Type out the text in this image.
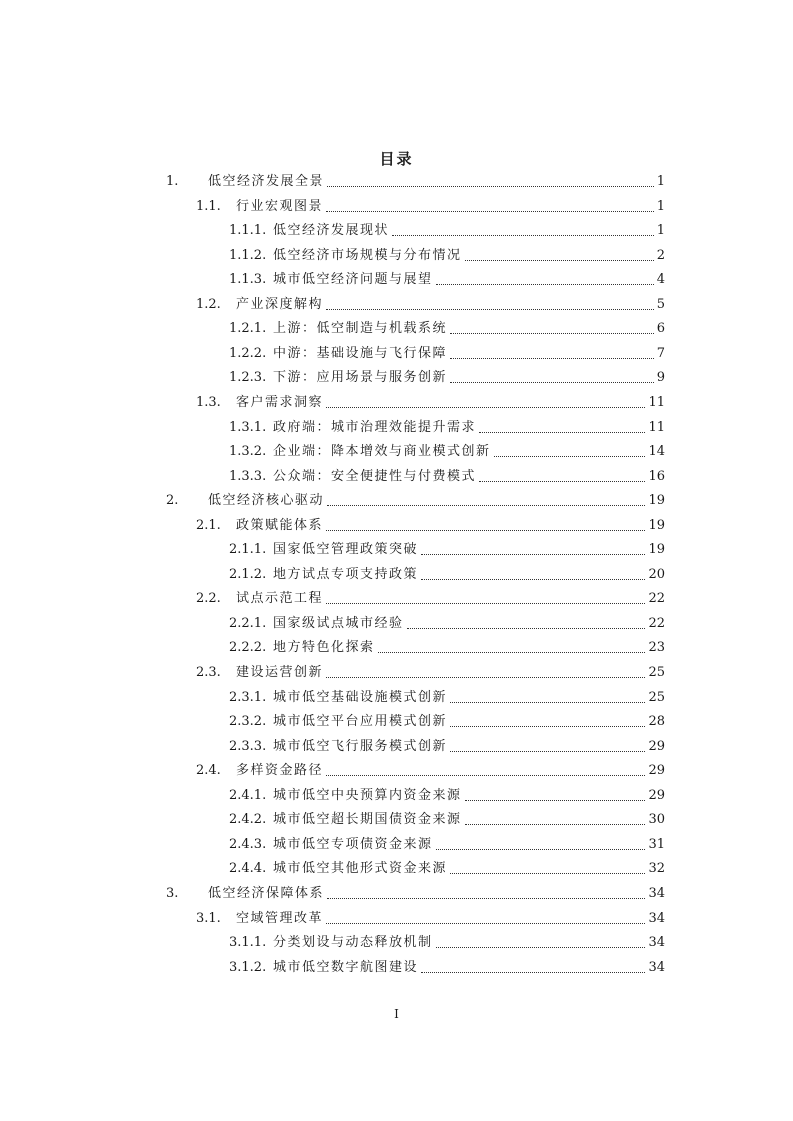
目录
1.	低空经济发展全景	1
1.1.	行业宏观图景	1
1.1.1. 低空经济发展现状	1
1.1.2. 低空经济市场规模与分布情况	2
1.1.3. 城市低空经济问题与展望	4
1.2.	产业深度解构	5
1.2.1. 上游：低空制造与机载系统	6
1.2.2. 中游：基础设施与飞行保障	7
1.2.3. 下游：应用场景与服务创新	9
1.3.	客户需求洞察	11
1.3.1. 政府端：城市治理效能提升需求	11
1.3.2. 企业端：降本增效与商业模式创新	14
1.3.3. 公众端：安全便捷性与付费模式	16
2.	低空经济核心驱动	19
2.1.	政策赋能体系	19
2.1.1. 国家低空管理政策突破	19
2.1.2. 地方试点专项支持政策	20
2.2.	试点示范工程	22
2.2.1. 国家级试点城市经验	22
2.2.2. 地方特色化探索	23
2.3.	建设运营创新	25
2.3.1. 城市低空基础设施模式创新	25
2.3.2. 城市低空平台应用模式创新	28
2.3.3. 城市低空飞行服务模式创新	29
2.4.	多样资金路径	29
2.4.1. 城市低空中央预算内资金来源	29
2.4.2. 城市低空超长期国债资金来源	30
2.4.3. 城市低空专项债资金来源	31
2.4.4. 城市低空其他形式资金来源	32
3.	低空经济保障体系	34
3.1.	空域管理改革	34
3.1.1. 分类划设与动态释放机制	34
3.1.2. 城市低空数字航图建设	34
I
